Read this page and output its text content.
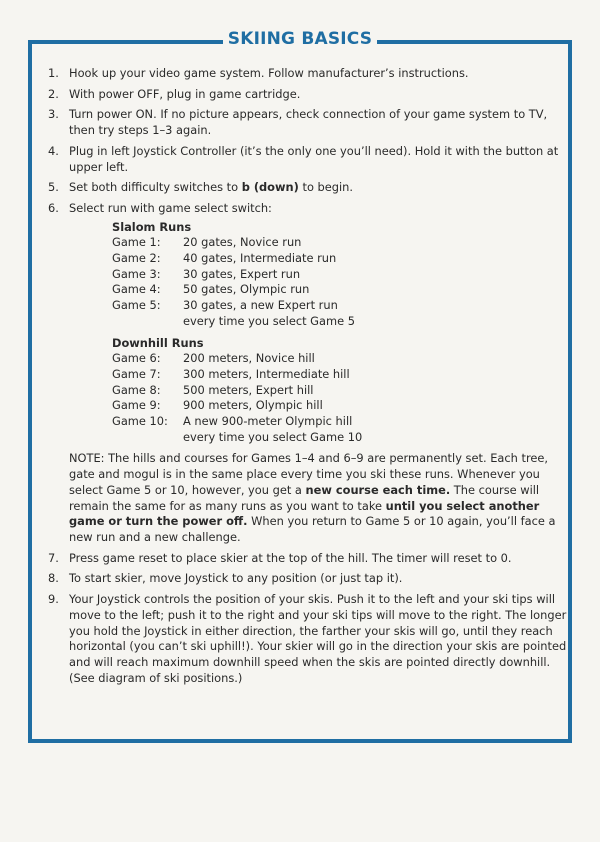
SKIING BASICS
1. Hook up your video game system. Follow manufacturer’s instructions.
2. With power OFF, plug in game cartridge.
3. Turn power ON. If no picture appears, check connection of your game system to TV, then try steps 1–3 again.
4. Plug in left Joystick Controller (it’s the only one you’ll need). Hold it with the button at upper left.
5. Set both difficulty switches to b (down) to begin.
6. Select run with game select switch:
Slalom Runs
Game 1:	20 gates, Novice run
Game 2:	40 gates, Intermediate run
Game 3:	30 gates, Expert run
Game 4:	50 gates, Olympic run
Game 5:	30 gates, a new Expert run
every time you select Game 5
Downhill Runs
Game 6:	200 meters, Novice hill
Game 7:	300 meters, Intermediate hill
Game 8:	500 meters, Expert hill
Game 9:	900 meters, Olympic hill
Game 10:	A new 900-meter Olympic hill
every time you select Game 10
NOTE: The hills and courses for Games 1–4 and 6–9 are permanently set. Each tree, gate and mogul is in the same place every time you ski these runs. Whenever you select Game 5 or 10, however, you get a new course each time. The course will remain the same for as many runs as you want to take until you select another game or turn the power off. When you return to Game 5 or 10 again, you’ll face a new run and a new challenge.
7. Press game reset to place skier at the top of the hill. The timer will reset to 0.
8. To start skier, move Joystick to any position (or just tap it).
9. Your Joystick controls the position of your skis. Push it to the left and your ski tips will move to the left; push it to the right and your ski tips will move to the right. The longer you hold the Joystick in either direction, the farther your skis will go, until they reach horizontal (you can’t ski uphill!). Your skier will go in the direction your skis are pointed and will reach maximum downhill speed when the skis are pointed directly downhill. (See diagram of ski positions.)
